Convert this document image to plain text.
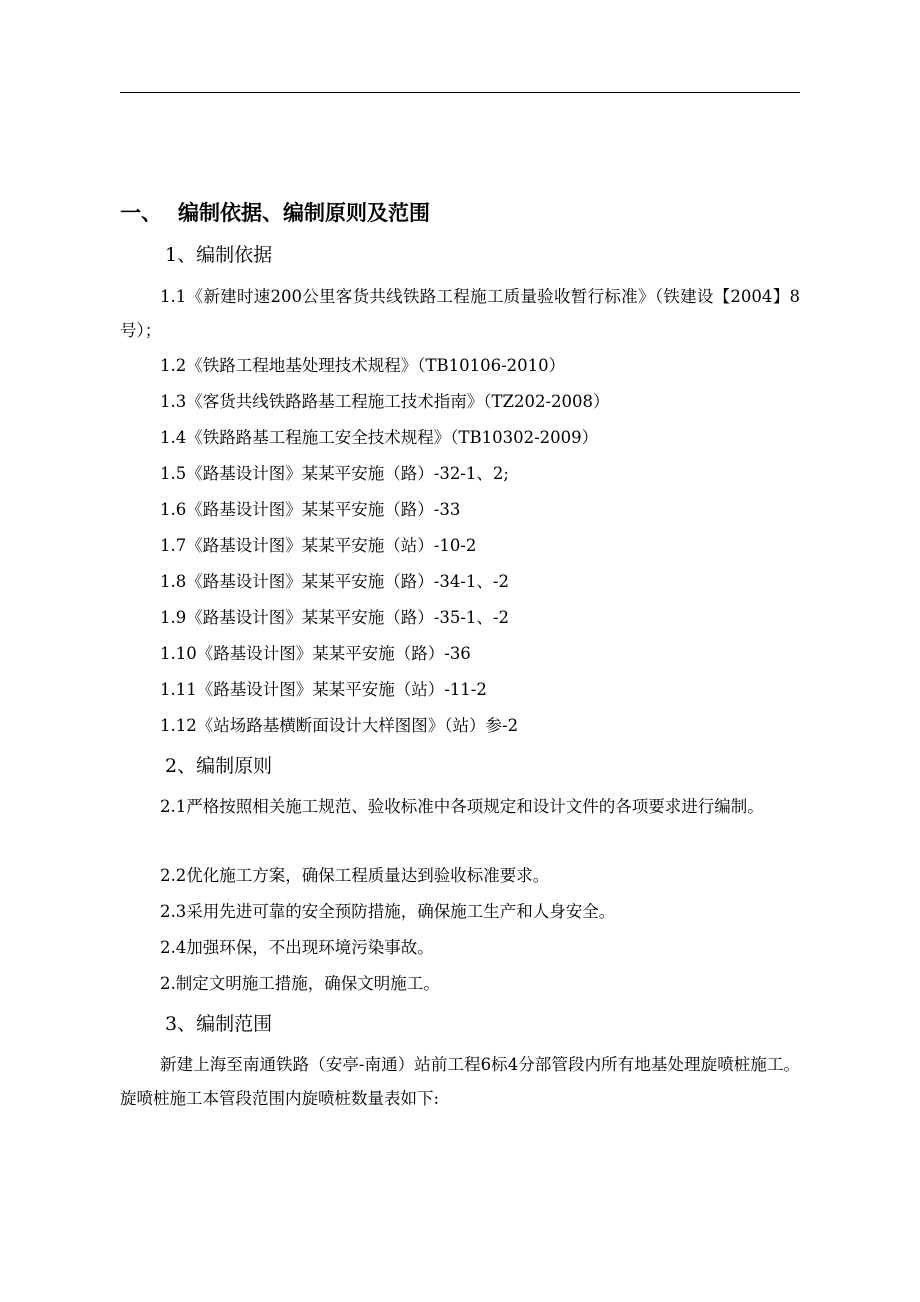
一、 编制依据、编制原则及范围
1、编制依据
1.1《新建时速200公里客货共线铁路工程施工质量验收暂行标准》（铁建设【2004】8号）；
1.2《铁路工程地基处理技术规程》（TB10106-2010）
1.3《客货共线铁路路基工程施工技术指南》（TZ202-2008）
1.4《铁路路基工程施工安全技术规程》（TB10302-2009）
1.5《路基设计图》某某平安施（路）-32-1、2;
1.6《路基设计图》某某平安施（路）-33
1.7《路基设计图》某某平安施（站）-10-2
1.8《路基设计图》某某平安施（路）-34-1、-2
1.9《路基设计图》某某平安施（路）-35-1、-2
1.10《路基设计图》某某平安施（路）-36
1.11《路基设计图》某某平安施（站）-11-2
1.12《站场路基横断面设计大样图图》（站）参-2
2、编制原则
2.1严格按照相关施工规范、验收标准中各项规定和设计文件的各项要求进行编制。
2.2优化施工方案，确保工程质量达到验收标准要求。
2.3采用先进可靠的安全预防措施，确保施工生产和人身安全。
2.4加强环保，不出现环境污染事故。
2.制定文明施工措施，确保文明施工。
3、编制范围
新建上海至南通铁路（安亭-南通）站前工程6标4分部管段内所有地基处理旋喷桩施工。旋喷桩施工本管段范围内旋喷桩数量表如下:
